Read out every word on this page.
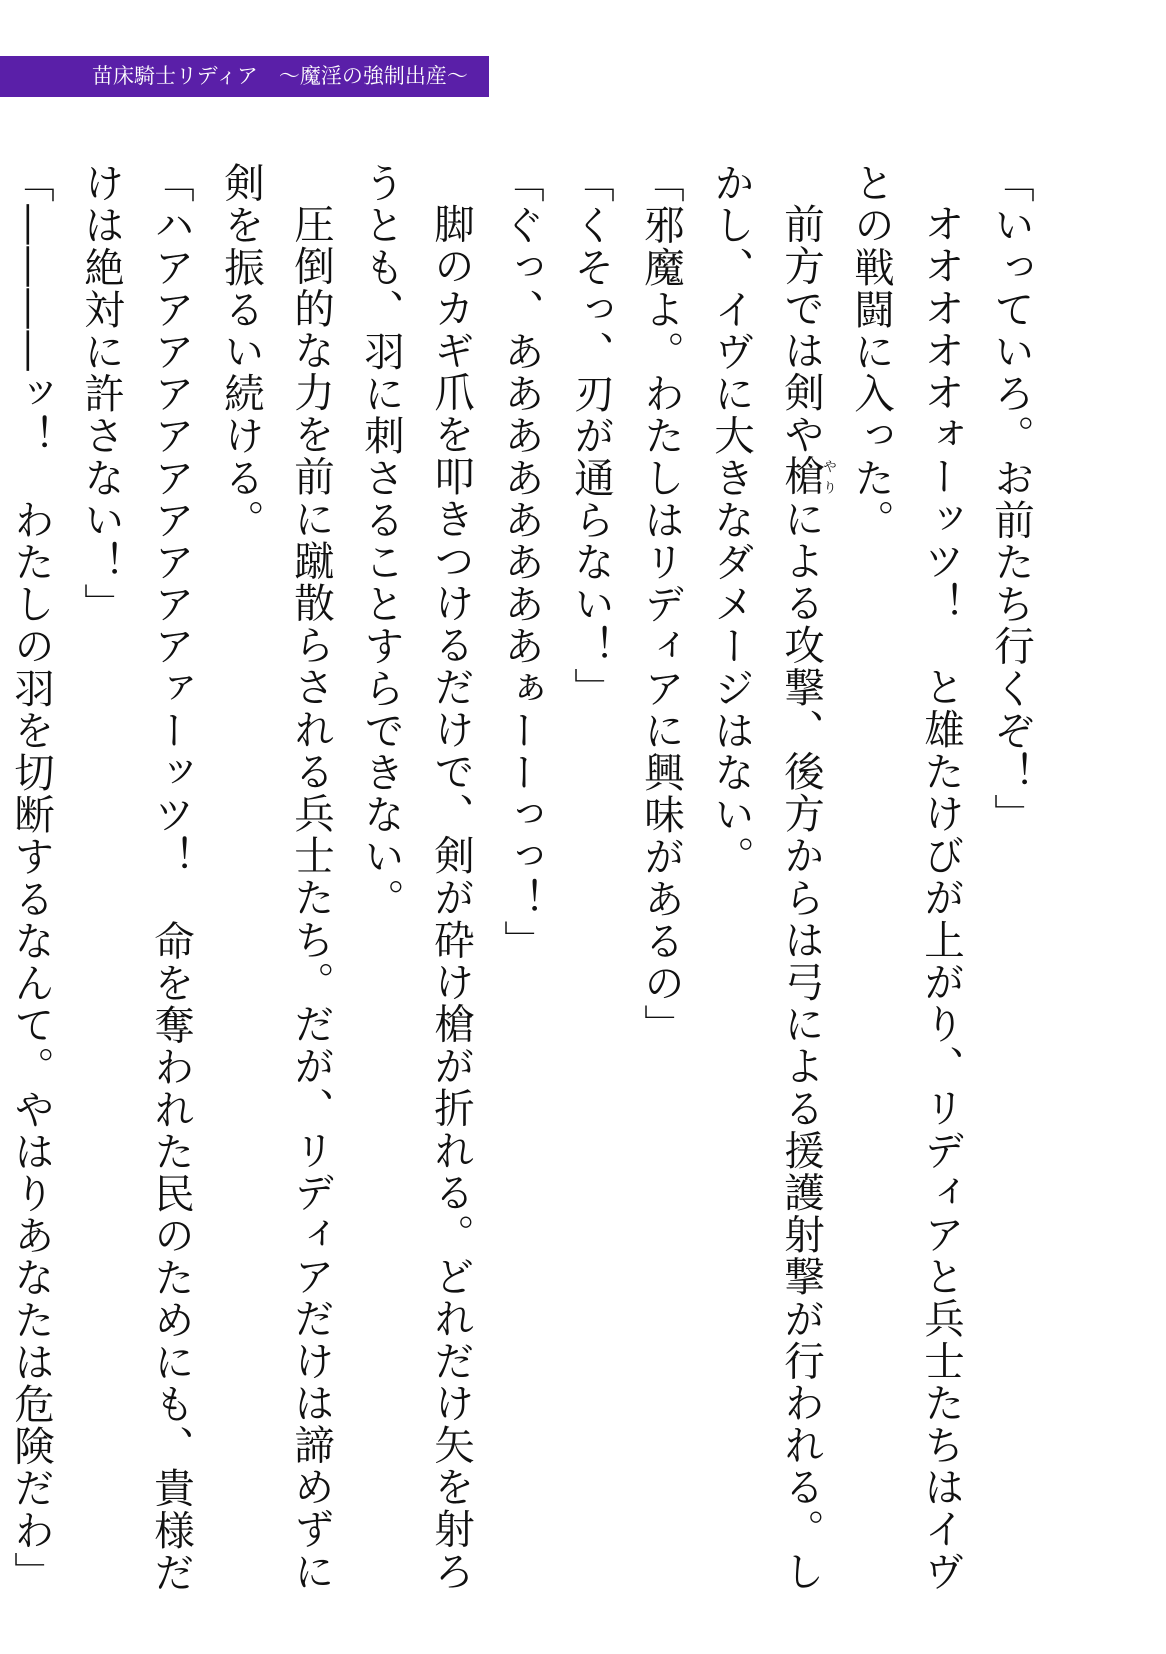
苗床騎士リディア　〜魔淫の強制出産〜

「いっていろ。お前たち行くぞ！」

オオオオオォーッツ！　と雄たけびが上がり、リディアと兵士たちはイヴとの戦闘に入った。

前方では剣や槍やりによる攻撃、後方からは弓による援護射撃が行われる。しかし、イヴに大きなダメージはない。

「邪魔よ。わたしはリディアに興味があるの」

「くそっ、刃が通らない！」

「ぐっ、ああああああああぁーーっっ！」

脚のカギ爪を叩きつけるだけで、剣が砕け槍が折れる。どれだけ矢を射ろうとも、羽に刺さることすらできない。

圧倒的な力を前に蹴散らされる兵士たち。だが、リディアだけは諦めずに剣を振るい続ける。

「ハアアアアアアアアアアァーッツ！　命を奪われた民のためにも、貴様だけは絶対に許さない！」

「――――ッ！　わたしの羽を切断するなんて。やはりあなたは危険だわ」
